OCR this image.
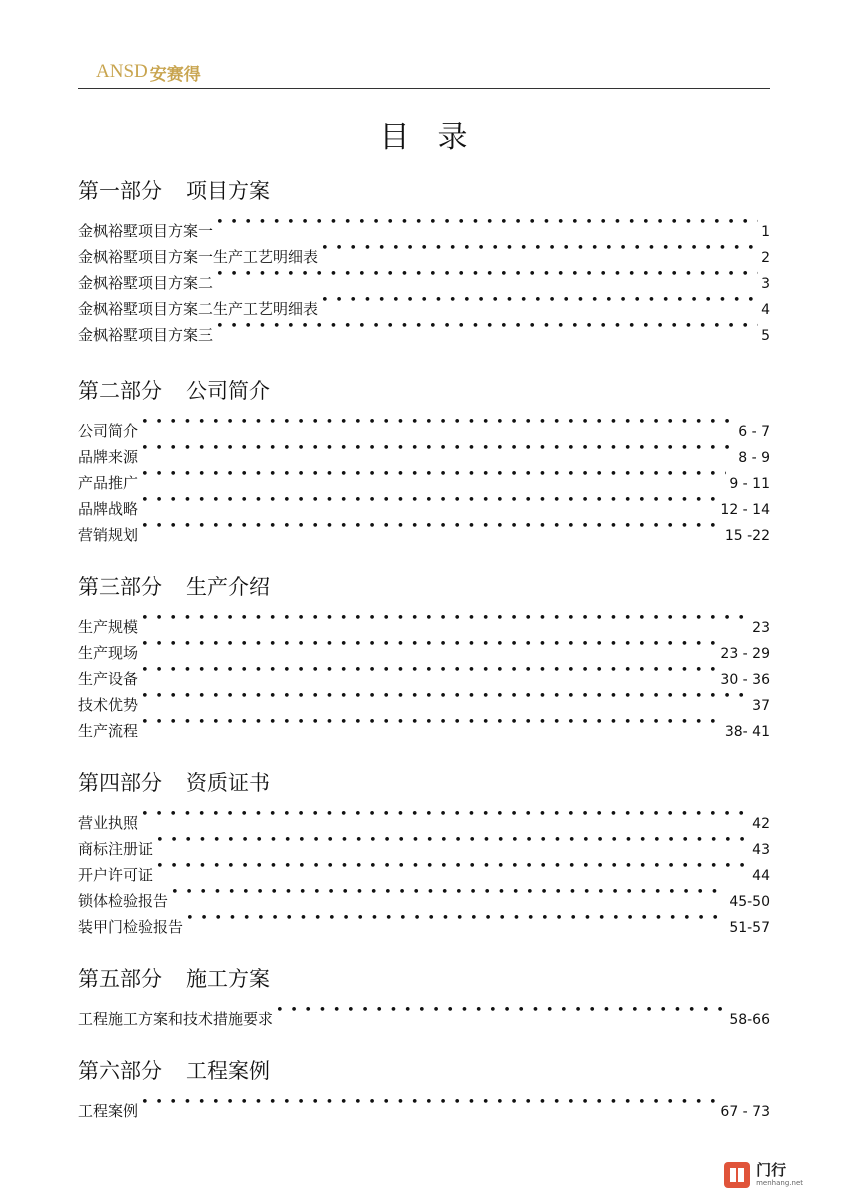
ANSD 安赛得
目录
第一部分 项目方案
金枫裕墅项目方案一 • • •	1
金枫裕墅项目方案一生产工艺明细表 • • •	2
金枫裕墅项目方案二 • • •	3
金枫裕墅项目方案二生产工艺明细表 • • •	4
金枫裕墅项目方案三 • • •	5
第二部分 公司简介
公司简介 • • •	6 - 7
品牌来源 • • •	8 - 9
产品推广 • • •	9 - 11
品牌战略 • • •	12 - 14
营销规划 • • •	15 -22
第三部分 生产介绍
生产规模 • • •	23
生产现场 • • •	23 - 29
生产设备 • • •	30 - 36
技术优势 • • •	37
生产流程 • • •	38- 41
第四部分 资质证书
营业执照 • • •	42
商标注册证 • • •	43
开户许可证 • • •	44
锁体检验报告 • • •	45-50
装甲门检验报告 • • •	51-57
第五部分 施工方案
工程施工方案和技术措施要求 • • •	58-66
第六部分 工程案例
工程案例 • • •	67 - 73
门行
menhang.net
